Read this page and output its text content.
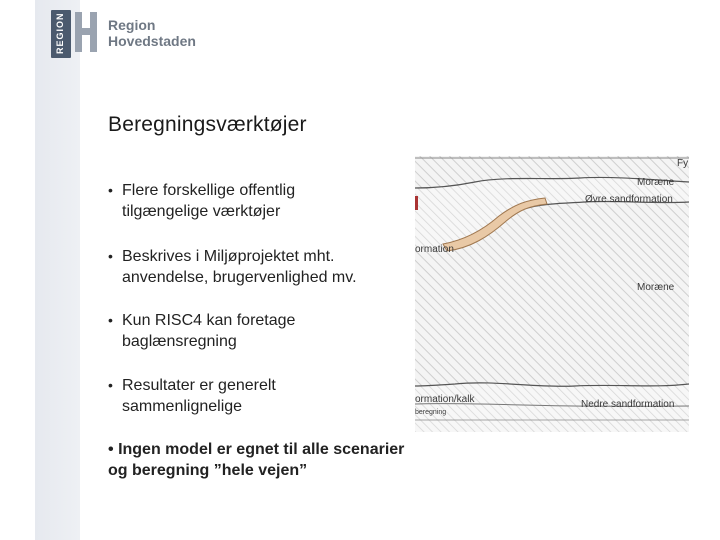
REGION	Region
Hovedstaden
Beregningsværktøjer
• Flere forskellige offentlig tilgængelige værktøjer
• Beskrives i Miljøprojektet mht. anvendelse, brugervenlighed mv.
• Kun RISC4 kan foretage baglænsregning
• Resultater er generelt sammenlignelige
• Ingen model er egnet til alle scenarier og beregning ”hele vejen”
Fy
Moræne
Øvre sandformation
ormation
Moræne
ormation/kalk	Nedre sandformation
beregning
